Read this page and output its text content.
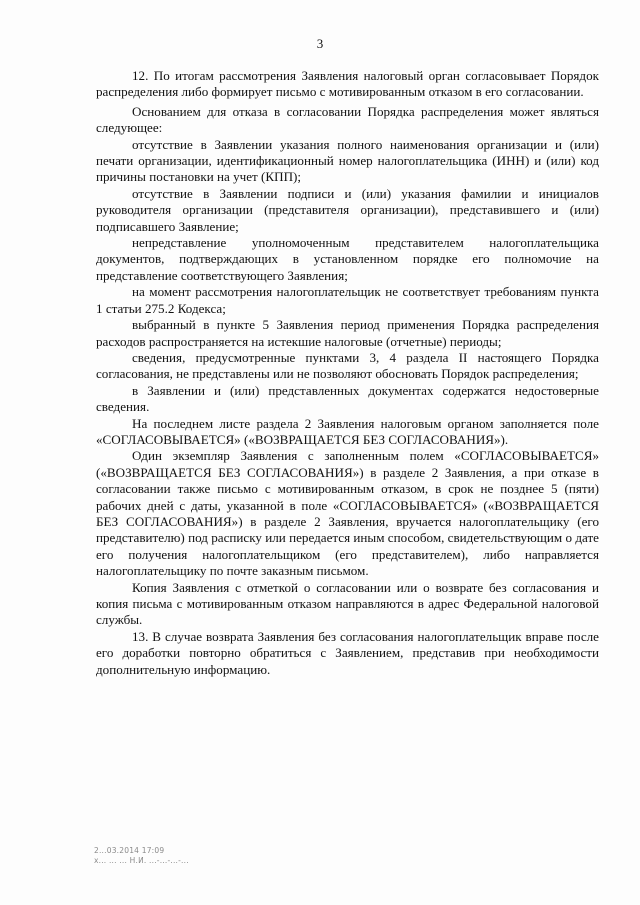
3

12. По итогам рассмотрения Заявления налоговый орган согласовывает Порядок распределения либо формирует письмо с мотивированным отказом в его согласовании.

Основанием для отказа в согласовании Порядка распределения может являться следующее:

отсутствие в Заявлении указания полного наименования организации и (или) печати организации, идентификационный номер налогоплательщика (ИНН) и (или) код причины постановки на учет (КПП);

отсутствие в Заявлении подписи и (или) указания фамилии и инициалов руководителя организации (представителя организации), представившего и (или) подписавшего Заявление;

непредставление уполномоченным представителем налогоплательщика документов, подтверждающих в установленном порядке его полномочие на представление соответствующего Заявления;

на момент рассмотрения налогоплательщик не соответствует требованиям пункта 1 статьи 275.2 Кодекса;

выбранный в пункте 5 Заявления период применения Порядка распределения расходов распространяется на истекшие налоговые (отчетные) периоды;

сведения, предусмотренные пунктами 3, 4 раздела II настоящего Порядка согласования, не представлены или не позволяют обосновать Порядок распределения;

в Заявлении и (или) представленных документах содержатся недостоверные сведения.

На последнем листе раздела 2 Заявления налоговым органом заполняется поле «СОГЛАСОВЫВАЕТСЯ» («ВОЗВРАЩАЕТСЯ БЕЗ СОГЛАСОВАНИЯ»).

Один экземпляр Заявления с заполненным полем «СОГЛАСОВЫВАЕТСЯ» («ВОЗВРАЩАЕТСЯ БЕЗ СОГЛАСОВАНИЯ») в разделе 2 Заявления, а при отказе в согласовании также письмо с мотивированным отказом, в срок не позднее 5 (пяти) рабочих дней с даты, указанной в поле «СОГЛАСОВЫВАЕТСЯ» («ВОЗВРАЩАЕТСЯ БЕЗ СОГЛАСОВАНИЯ») в разделе 2 Заявления, вручается налогоплательщику (его представителю) под расписку или передается иным способом, свидетельствующим о дате его получения налогоплательщиком (его представителем), либо направляется налогоплательщику по почте заказным письмом.

Копия Заявления с отметкой о согласовании или о возврате без согласования и копия письма с мотивированным отказом направляются в адрес Федеральной налоговой службы.

13. В случае возврата Заявления без согласования налогоплательщик вправе после его доработки повторно обратиться с Заявлением, представив при необходимости дополнительную информацию.

2...03.2014 17:09
х... ... ... Н.И. ...-...-...-...
